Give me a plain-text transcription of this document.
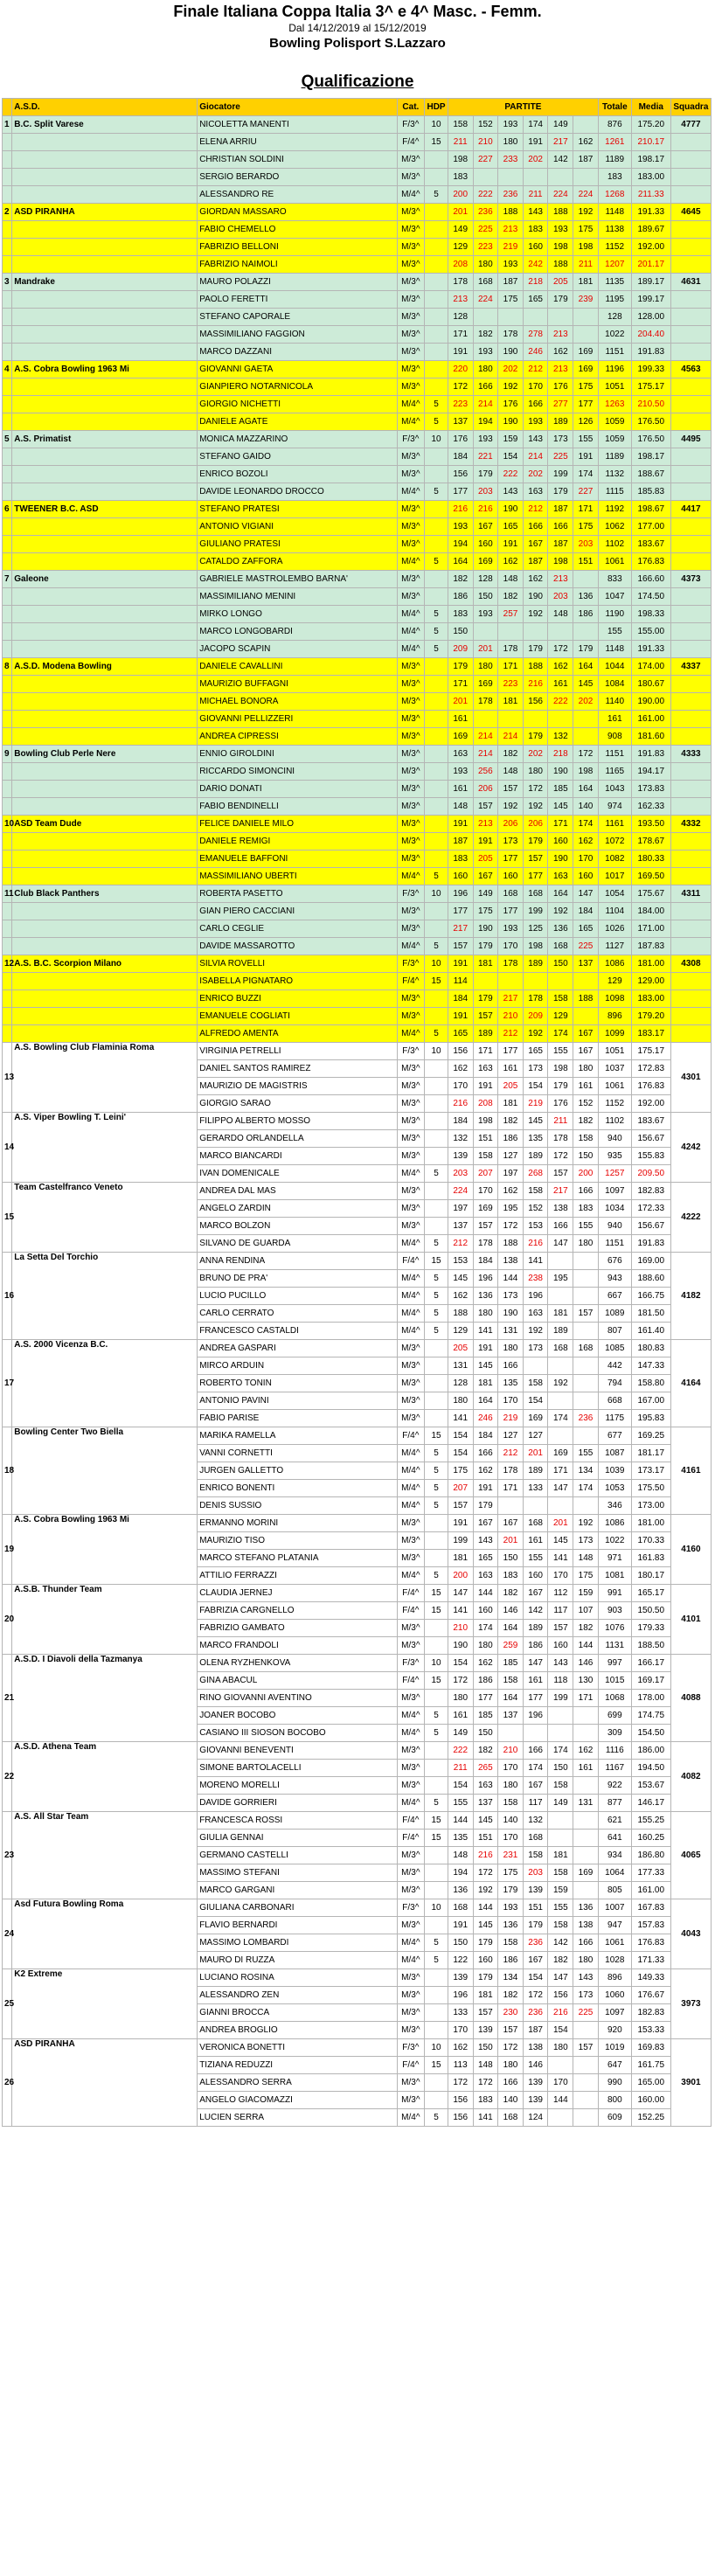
Finale Italiana Coppa Italia 3^ e 4^ Masc. - Femm.
Dal 14/12/2019 al 15/12/2019
Bowling Polisport S.Lazzaro
Qualificazione
	A.S.D.	Giocatore	Cat.	HDP	PARTITE						Totale	Media	Squadra
1	B.C. Split Varese	NICOLETTA MANENTI	F/3^	10	158	152	193	174	149		876	175.20	4777
		ELENA ARRIU	F/4^	15	211	210	180	191	217	162	1261	210.17	
		CHRISTIAN SOLDINI	M/3^		198	227	233	202	142	187	1189	198.17	
		SERGIO BERARDO	M/3^		183						183	183.00	
		ALESSANDRO RE	M/4^	5	200	222	236	211	224	224	1268	211.33	
2	ASD PIRANHA	GIORDAN MASSARO	M/3^		201	236	188	143	188	192	1148	191.33	4645
		FABIO CHEMELLO	M/3^		149	225	213	183	193	175	1138	189.67	
		FABRIZIO BELLONI	M/3^		129	223	219	160	198	198	1152	192.00	
		FABRIZIO NAIMOLI	M/3^		208	180	193	242	188	211	1207	201.17	
3	Mandrake	MAURO POLAZZI	M/3^		178	168	187	218	205	181	1135	189.17	4631
		PAOLO FERETTI	M/3^		213	224	175	165	179	239	1195	199.17	
		STEFANO CAPORALE	M/3^		128						128	128.00	
		MASSIMILIANO FAGGION	M/3^		171	182	178	278	213		1022	204.40	
		MARCO DAZZANI	M/3^		191	193	190	246	162	169	1151	191.83	
4	A.S. Cobra Bowling 1963 Mi	GIOVANNI GAETA	M/3^		220	180	202	212	213	169	1196	199.33	4563
		GIANPIERO NOTARNICOLA	M/3^		172	166	192	170	176	175	1051	175.17	
		GIORGIO NICHETTI	M/4^	5	223	214	176	166	277	177	1263	210.50	
		DANIELE AGATE	M/4^	5	137	194	190	193	189	126	1059	176.50	
5	A.S. Primatist	MONICA MAZZARINO	F/3^	10	176	193	159	143	173	155	1059	176.50	4495
		STEFANO GAIDO	M/3^		184	221	154	214	225	191	1189	198.17	
		ENRICO BOZOLI	M/3^		156	179	222	202	199	174	1132	188.67	
		DAVIDE LEONARDO DROCCO	M/4^	5	177	203	143	163	179	227	1115	185.83	
6	TWEENER B.C. ASD	STEFANO PRATESI	M/3^		216	216	190	212	187	171	1192	198.67	4417
		ANTONIO VIGIANI	M/3^		193	167	165	166	166	175	1062	177.00	
		GIULIANO PRATESI	M/3^		194	160	191	167	187	203	1102	183.67	
		CATALDO ZAFFORA	M/4^	5	164	169	162	187	198	151	1061	176.83	
7	Galeone	GABRIELE MASTROLEMBO BARNA'	M/3^		182	128	148	162	213		833	166.60	4373
		MASSIMILIANO MENINI	M/3^		186	150	182	190	203	136	1047	174.50	
		MIRKO LONGO	M/4^	5	183	193	257	192	148	186	1190	198.33	
		MARCO LONGOBARDI	M/4^	5	150						155	155.00	
		JACOPO SCAPIN	M/4^	5	209	201	178	179	172	179	1148	191.33	
8	A.S.D. Modena Bowling	DANIELE CAVALLINI	M/3^		179	180	171	188	162	164	1044	174.00	4337
		MAURIZIO BUFFAGNI	M/3^		171	169	223	216	161	145	1084	180.67	
		MICHAEL BONORA	M/3^		201	178	181	156	222	202	1140	190.00	
		GIOVANNI PELLIZZERI	M/3^		161						161	161.00	
		ANDREA CIPRESSI	M/3^		169	214	214	179	132		908	181.60	
9	Bowling Club Perle Nere	ENNIO GIROLDINI	M/3^		163	214	182	202	218	172	1151	191.83	4333
		RICCARDO SIMONCINI	M/3^		193	256	148	180	190	198	1165	194.17	
		DARIO DONATI	M/3^		161	206	157	172	185	164	1043	173.83	
		FABIO BENDINELLI	M/3^		148	157	192	192	145	140	974	162.33	
10	ASD Team Dude	FELICE DANIELE MILO	M/3^		191	213	206	206	171	174	1161	193.50	4332
		DANIELE REMIGI	M/3^		187	191	173	179	160	162	1072	178.67	
		EMANUELE BAFFONI	M/3^		183	205	177	157	190	170	1082	180.33	
		MASSIMILIANO UBERTI	M/4^	5	160	167	160	177	163	160	1017	169.50	
11	Club Black Panthers	ROBERTA PASETTO	F/3^	10	196	149	168	168	164	147	1054	175.67	4311
		GIAN PIERO CACCIANI	M/3^		177	175	177	199	192	184	1104	184.00	
		CARLO CEGLIE	M/3^		217	190	193	125	136	165	1026	171.00	
		DAVIDE MASSAROTTO	M/4^	5	157	179	170	198	168	225	1127	187.83	
12	A.S. B.C. Scorpion Milano	SILVIA ROVELLI	F/3^	10	191	181	178	189	150	137	1086	181.00	4308
		ISABELLA PIGNATARO	F/4^	15	114						129	129.00	
		ENRICO BUZZI	M/3^		184	179	217	178	158	188	1098	183.00	
		EMANUELE COGLIATI	M/3^		191	157	210	209	129		896	179.20	
		ALFREDO AMENTA	M/4^	5	165	189	212	192	174	167	1099	183.17	
13	A.S. Bowling Club Flaminia Roma	VIRGINIA PETRELLI	F/3^	10	156	171	177	165	155	167	1051	175.17	4301
		DANIEL SANTOS RAMIREZ	M/3^		162	163	161	173	198	180	1037	172.83	
		MAURIZIO DE MAGISTRIS	M/3^		170	191	205	154	179	161	1061	176.83	
		GIORGIO SARAO	M/3^		216	208	181	219	176	152	1152	192.00	
14	A.S. Viper Bowling T. Leini'	FILIPPO ALBERTO MOSSO	M/3^		184	198	182	145	211	182	1102	183.67	4242
		GERARDO ORLANDELLA	M/3^		132	151	186	135	178	158	940	156.67	
		MARCO BIANCARDI	M/3^		139	158	127	189	172	150	935	155.83	
		IVAN DOMENICALE	M/4^	5	203	207	197	268	157	200	1257	209.50	
15	Team Castelfranco Veneto	ANDREA DAL MAS	M/3^		224	170	162	158	217	166	1097	182.83	4222
		ANGELO ZARDIN	M/3^		197	169	195	152	138	183	1034	172.33	
		MARCO BOLZON	M/3^		137	157	172	153	166	155	940	156.67	
		SILVANO DE GUARDA	M/4^	5	212	178	188	216	147	180	1151	191.83	
16	La Setta Del Torchio	ANNA RENDINA	F/4^	15	153	184	138	141			676	169.00	4182
		BRUNO DE PRA'	M/4^	5	145	196	144	238	195		943	188.60	
		LUCIO PUCILLO	M/4^	5	162	136	173	196			667	166.75	
		CARLO CERRATO	M/4^	5	188	180	190	163	181	157	1089	181.50	
		FRANCESCO CASTALDI	M/4^	5	129	141	131	192	189		807	161.40	
17	A.S. 2000 Vicenza B.C.	ANDREA GASPARI	M/3^		205	191	180	173	168	168	1085	180.83	4164
		MIRCO ARDUIN	M/3^		131	145	166				442	147.33	
		ROBERTO TONIN	M/3^		128	181	135	158	192		794	158.80	
		ANTONIO PAVINI	M/3^		180	164	170	154			668	167.00	
		FABIO PARISE	M/3^		141	246	219	169	174	236	1175	195.83	
18	Bowling Center Two Biella	MARIKA RAMELLA	F/4^	15	154	184	127	127			677	169.25	4161
		VANNI CORNETTI	M/4^	5	154	166	212	201	169	155	1087	181.17	
		JURGEN GALLETTO	M/4^	5	175	162	178	189	171	134	1039	173.17	
		ENRICO BONENTI	M/4^	5	207	191	171	133	147	174	1053	175.50	
		DENIS SUSSIO	M/4^	5	157	179					346	173.00	
19	A.S. Cobra Bowling 1963 Mi	ERMANNO MORINI	M/3^		191	167	167	168	201	192	1086	181.00	4160
		MAURIZIO TISO	M/3^		199	143	201	161	145	173	1022	170.33	
		MARCO STEFANO PLATANIA	M/3^		181	165	150	155	141	148	971	161.83	
		ATTILIO FERRAZZI	M/4^	5	200	163	183	160	170	175	1081	180.17	
20	A.S.B. Thunder Team	CLAUDIA JERNEJ	F/4^	15	147	144	182	167	112	159	991	165.17	4101
		FABRIZIA CARGNELLO	F/4^	15	141	160	146	142	117	107	903	150.50	
		FABRIZIO GAMBATO	M/3^		210	174	164	189	157	182	1076	179.33	
		MARCO FRANDOLI	M/3^		190	180	259	186	160	144	1131	188.50	
21	A.S.D. I Diavoli della Tazmanya	OLENA RYZHENKOVA	F/3^	10	154	162	185	147	143	146	997	166.17	4088
		GINA ABACUL	F/4^	15	172	186	158	161	118	130	1015	169.17	
		RINO GIOVANNI AVENTINO	M/3^		180	177	164	177	199	171	1068	178.00	
		JOANER BOCOBO	M/4^	5	161	185	137	196			699	174.75	
		CASIANO III SIOSON BOCOBO	M/4^	5	149	150					309	154.50	
22	A.S.D. Athena Team	GIOVANNI BENEVENTI	M/3^		222	182	210	166	174	162	1116	186.00	4082
		SIMONE BARTOLACELLI	M/3^		211	265	170	174	150	161	1167	194.50	
		MORENO MORELLI	M/3^		154	163	180	167	158		922	153.67	
		DAVIDE GORRIERI	M/4^	5	155	137	158	117	149	131	877	146.17	
23	A.S. All Star Team	FRANCESCA ROSSI	F/4^	15	144	145	140	132			621	155.25	4065
		GIULIA GENNAI	F/4^	15	135	151	170	168			641	160.25	
		GERMANO CASTELLI	M/3^		148	216	231	158	181		934	186.80	
		MASSIMO STEFANI	M/3^		194	172	175	203	158	169	1064	177.33	
		MARCO GARGANI	M/3^		136	192	179	139	159		805	161.00	
24	Asd Futura Bowling Roma	GIULIANA CARBONARI	F/3^	10	168	144	193	151	155	136	1007	167.83	4043
		FLAVIO BERNARDI	M/3^		191	145	136	179	158	138	947	157.83	
		MASSIMO LOMBARDI	M/4^	5	150	179	158	236	142	166	1061	176.83	
		MAURO DI RUZZA	M/4^	5	122	160	186	167	182	180	1028	171.33	
25	K2 Extreme	LUCIANO ROSINA	M/3^		139	179	134	154	147	143	896	149.33	3973
		ALESSANDRO ZEN	M/3^		196	181	182	172	156	173	1060	176.67	
		GIANNI BROCCA	M/3^		133	157	230	236	216	225	1097	182.83	
		ANDREA BROGLIO	M/3^		170	139	157	187	154		920	153.33	
26	ASD PIRANHA	VERONICA BONETTI	F/3^	10	162	150	172	138	180	157	1019	169.83	3901
		TIZIANA REDUZZI	F/4^	15	113	148	180	146			647	161.75	
		ALESSANDRO SERRA	M/3^		172	172	166	139	170		990	165.00	
		ANGELO GIACOMAZZI	M/3^		156	183	140	139	144		800	160.00	
		LUCIEN SERRA	M/4^	5	156	141	168	124			609	152.25	
